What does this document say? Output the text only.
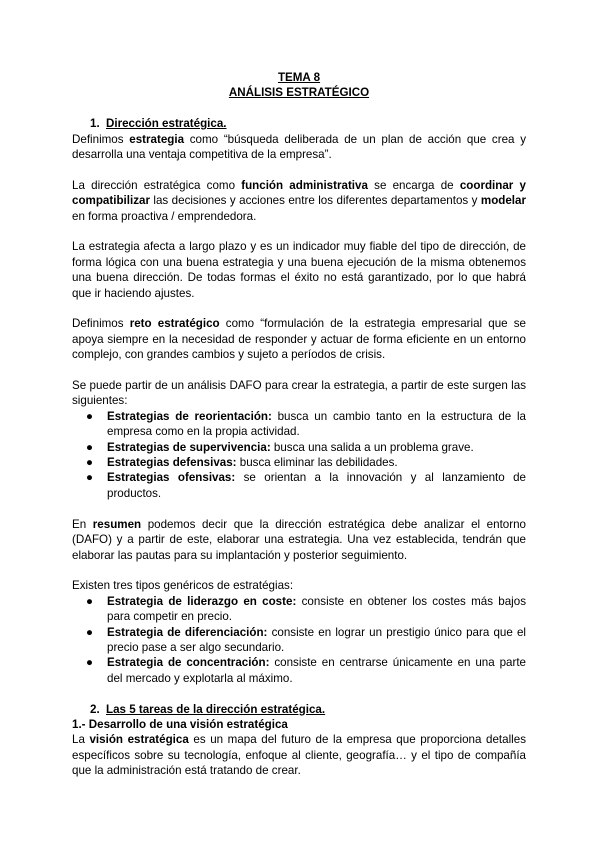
TEMA 8

ANÁLISIS ESTRATÉGICO

1. Dirección estratégica.

Definimos estrategia como “búsqueda deliberada de un plan de acción que crea y desarrolla una ventaja competitiva de la empresa”.

La dirección estratégica como función administrativa se encarga de coordinar y compatibilizar las decisiones y acciones entre los diferentes departamentos y modelar en forma proactiva / emprendedora.

La estrategia afecta a largo plazo y es un indicador muy fiable del tipo de dirección, de forma lógica con una buena estrategia y una buena ejecución de la misma obtenemos una buena dirección. De todas formas el éxito no está garantizado, por lo que habrá que ir haciendo ajustes.

Definimos reto estratégico como “formulación de la estrategia empresarial que se apoya siempre en la necesidad de responder y actuar de forma eficiente en un entorno complejo, con grandes cambios y sujeto a períodos de crisis.

Se puede partir de un análisis DAFO para crear la estrategia, a partir de este surgen las siguientes:

● Estrategias de reorientación: busca un cambio tanto en la estructura de la empresa como en la propia actividad.
● Estrategias de supervivencia: busca una salida a un problema grave.
● Estrategias defensivas: busca eliminar las debilidades.
● Estrategias ofensivas: se orientan a la innovación y al lanzamiento de productos.

En resumen podemos decir que la dirección estratégica debe analizar el entorno (DAFO) y a partir de este, elaborar una estrategia. Una vez establecida, tendrán que elaborar las pautas para su implantación y posterior seguimiento.

Existen tres tipos genéricos de estratégias:

● Estrategia de liderazgo en coste: consiste en obtener los costes más bajos para competir en precio.
● Estrategia de diferenciación: consiste en lograr un prestigio único para que el precio pase a ser algo secundario.
● Estrategia de concentración: consiste en centrarse únicamente en una parte del mercado y explotarla al máximo.
2. Las 5 tareas de la dirección estratégica.
1.- Desarrollo de una visión estratégica

La visión estratégica es un mapa del futuro de la empresa que proporciona detalles específicos sobre su tecnología, enfoque al cliente, geografía… y el tipo de compañía que la administración está tratando de crear.
